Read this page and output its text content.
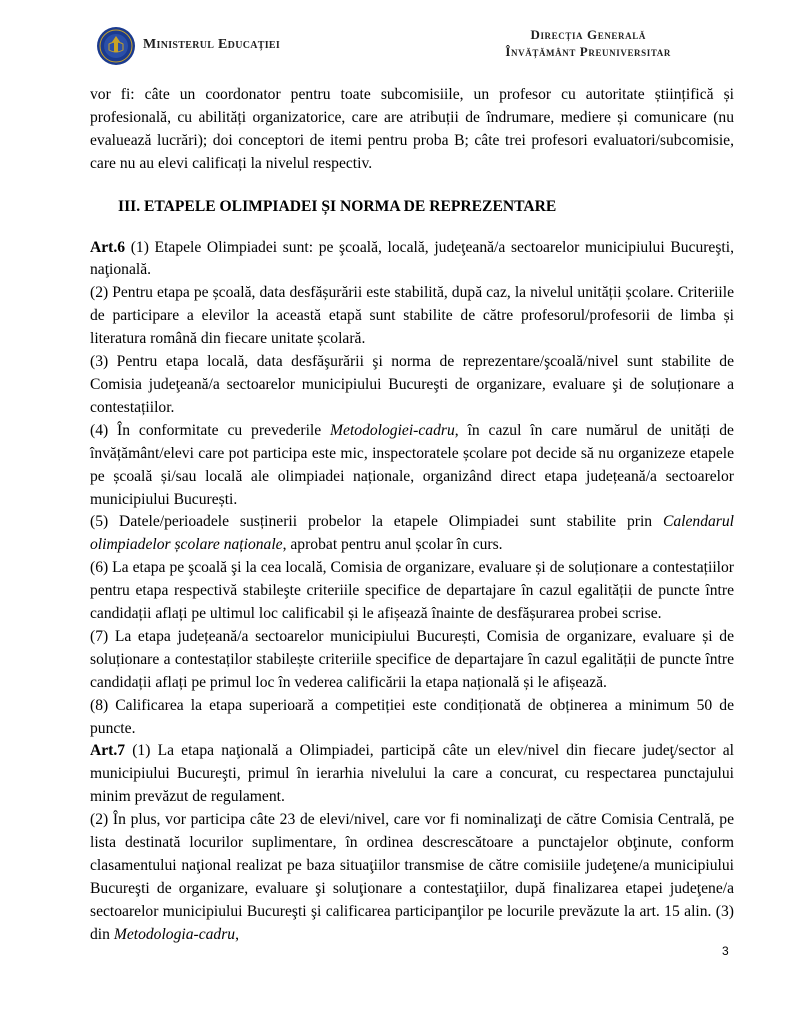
Ministerul Educației
Direcția Generală
Învățământ Preuniversitar

vor fi: câte un coordonator pentru toate subcomisiile, un profesor cu autoritate științifică și profesională, cu abilități organizatorice, care are atribuții de îndrumare, mediere și comunicare (nu evaluează lucrări); doi conceptori de itemi pentru proba B; câte trei profesori evaluatori/subcomisie, care nu au elevi calificați la nivelul respectiv.

III. ETAPELE OLIMPIADEI ȘI NORMA DE REPREZENTARE

Art.6 (1) Etapele Olimpiadei sunt: pe şcoală, locală, judeţeană/a sectoarelor municipiului Bucureşti, naţională.

(2) Pentru etapa pe școală, data desfășurării este stabilită, după caz, la nivelul unității școlare. Criteriile de participare a elevilor la această etapă sunt stabilite de către profesorul/profesorii de limba și literatura română din fiecare unitate școlară.

(3) Pentru etapa locală, data desfăşurării şi norma de reprezentare/şcoală/nivel sunt stabilite de Comisia judeţeană/a sectoarelor municipiului Bucureşti de organizare, evaluare şi de soluționare a contestațiilor.

(4) În conformitate cu prevederile Metodologiei-cadru, în cazul în care numărul de unități de învățământ/elevi care pot participa este mic, inspectoratele școlare pot decide să nu organizeze etapele pe școală și/sau locală ale olimpiadei naționale, organizând direct etapa județeană/a sectoarelor municipiului București.

(5) Datele/perioadele susținerii probelor la etapele Olimpiadei sunt stabilite prin Calendarul olimpiadelor școlare naționale, aprobat pentru anul școlar în curs.

(6) La etapa pe şcoală şi la cea locală, Comisia de organizare, evaluare și de soluționare a contestațiilor pentru etapa respectivă stabileşte criteriile specifice de departajare în cazul egalității de puncte între candidații aflați pe ultimul loc calificabil și le afișează înainte de desfășurarea probei scrise.

(7) La etapa județeană/a sectoarelor municipiului București, Comisia de organizare, evaluare și de soluționare a contestaților stabilește criteriile specifice de departajare în cazul egalității de puncte între candidații aflați pe primul loc în vederea calificării la etapa națională și le afișează.

(8) Calificarea la etapa superioară a competiției este condiționată de obținerea a minimum 50 de puncte.

Art.7 (1) La etapa naţională a Olimpiadei, participă câte un elev/nivel din fiecare judeţ/sector al municipiului Bucureşti, primul în ierarhia nivelului la care a concurat, cu respectarea punctajului minim prevăzut de regulament.

(2) În plus, vor participa câte 23 de elevi/nivel, care vor fi nominalizaţi de către Comisia Centrală, pe lista destinată locurilor suplimentare, în ordinea descrescătoare a punctajelor obţinute, conform clasamentului naţional realizat pe baza situaţiilor transmise de către comisiile judeţene/a municipiului Bucureşti de organizare, evaluare şi soluţionare a contestaţiilor, după finalizarea etapei judeţene/a sectoarelor municipiului Bucureşti şi calificarea participanţilor pe locurile prevăzute la art. 15 alin. (3) din Metodologia-cadru,

3
